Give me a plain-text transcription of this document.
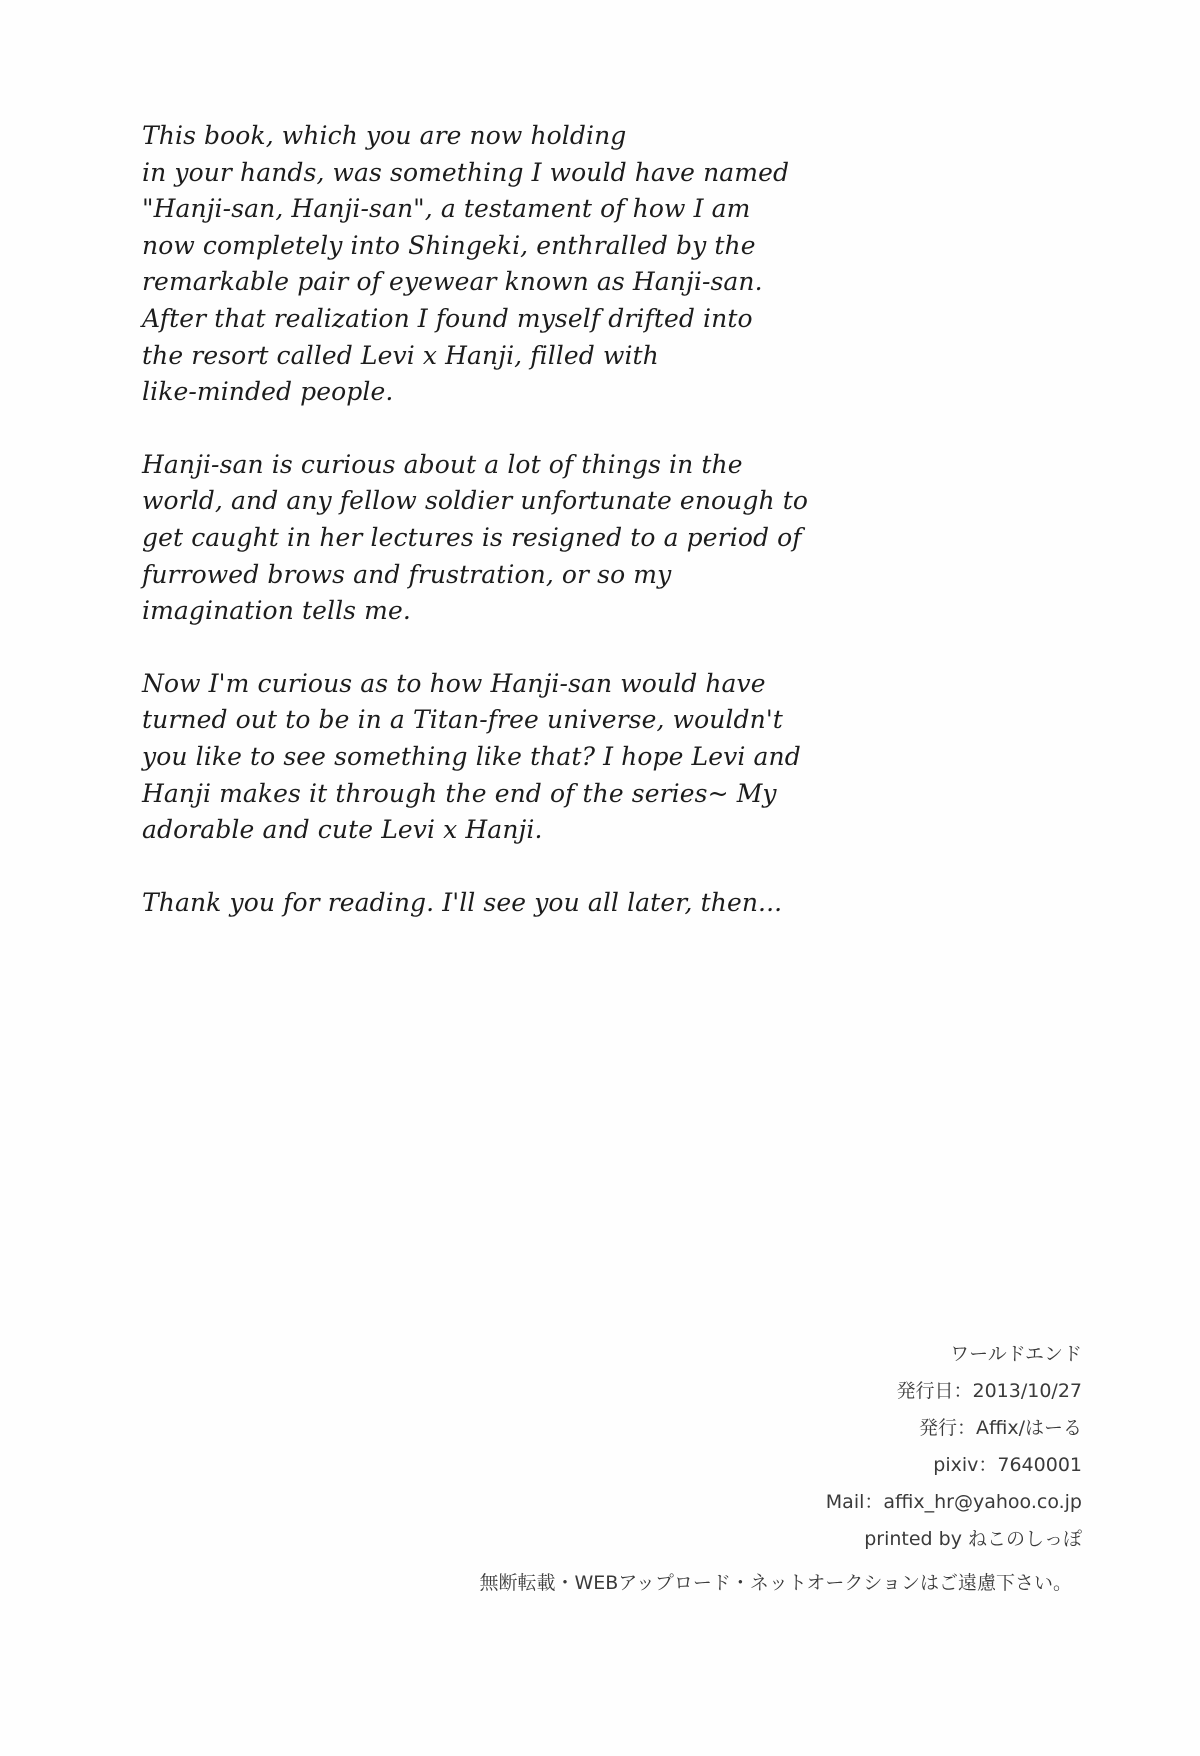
This book, which you are now holding
in your hands, was something I would have named
"Hanji-san, Hanji-san", a testament of how I am
now completely into Shingeki, enthralled by the
remarkable pair of eyewear known as Hanji-san.
After that realization I found myself drifted into
the resort called Levi x Hanji, filled with
like-minded people.
Hanji-san is curious about a lot of things in the
world, and any fellow soldier unfortunate enough to
get caught in her lectures is resigned to a period of
furrowed brows and frustration, or so my
imagination tells me.
Now I'm curious as to how Hanji-san would have
turned out to be in a Titan-free universe, wouldn't
you like to see something like that? I hope Levi and
Hanji makes it through the end of the series~ My
adorable and cute Levi x Hanji.
Thank you for reading. I'll see you all later, then...
ワールドエンド
発行日：2013/10/27
発行：Affix/はーる
pixiv：7640001
Mail：affix_hr@yahoo.co.jp
printed by ねこのしっぽ
無断転載・WEBアップロード・ネットオークションはご遠慮下さい。
